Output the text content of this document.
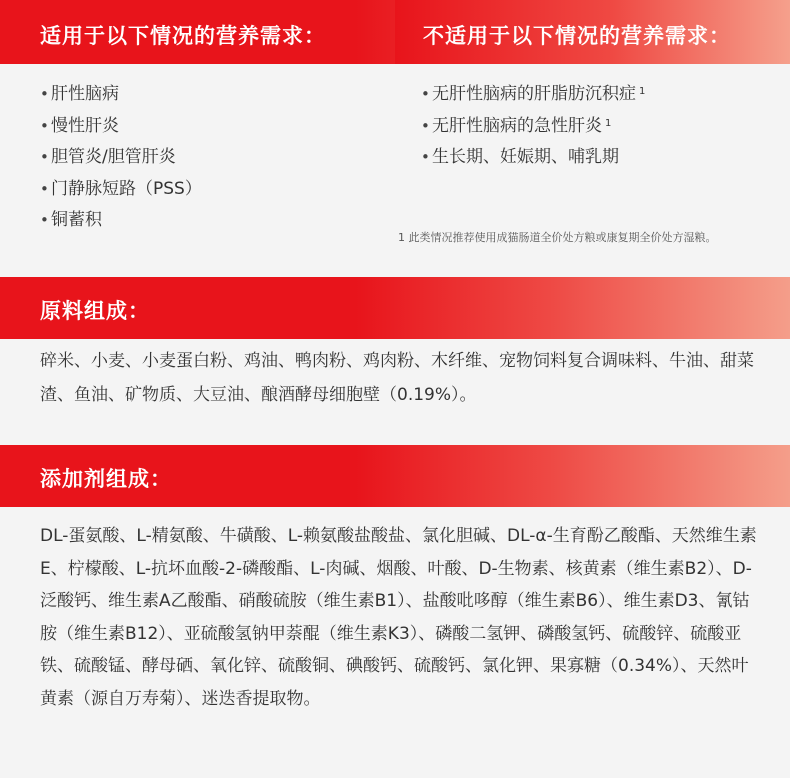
适用于以下情况的营养需求：	不适用于以下情况的营养需求：
• 肝性脑病
• 慢性肝炎
• 胆管炎/胆管肝炎
• 门静脉短路（PSS）
• 铜蓄积
• 无肝性脑病的肝脂肪沉积症 $^1$
• 无肝性脑病的急性肝炎 $^1$
• 生长期、妊娠期、哺乳期
1 此类情况推荐使用成猫肠道全价处方粮或康复期全价处方湿粮。
原料组成：
碎米、小麦、小麦蛋白粉、鸡油、鸭肉粉、鸡肉粉、木纤维、宠物饲料复合调味料、牛油、甜菜渣、鱼油、矿物质、大豆油、酿酒酵母细胞壁（0.19%）。
添加剂组成：
DL-蛋氨酸、L-精氨酸、牛磺酸、L-赖氨酸盐酸盐、氯化胆碱、DL-α-生育酚乙酸酯、天然维生素E、柠檬酸、L-抗坏血酸-2-磷酸酯、L-肉碱、烟酸、叶酸、D-生物素、核黄素（维生素B2）、D-泛酸钙、维生素A乙酸酯、硝酸硫胺（维生素B1）、盐酸吡哆醇（维生素B6）、维生素D3、氰钴胺（维生素B12）、亚硫酸氢钠甲萘醌（维生素K3）、磷酸二氢钾、磷酸氢钙、硫酸锌、硫酸亚铁、硫酸锰、酵母硒、氧化锌、硫酸铜、碘酸钙、硫酸钙、氯化钾、果寡糖（0.34%）、天然叶黄素（源自万寿菊）、迷迭香提取物。
